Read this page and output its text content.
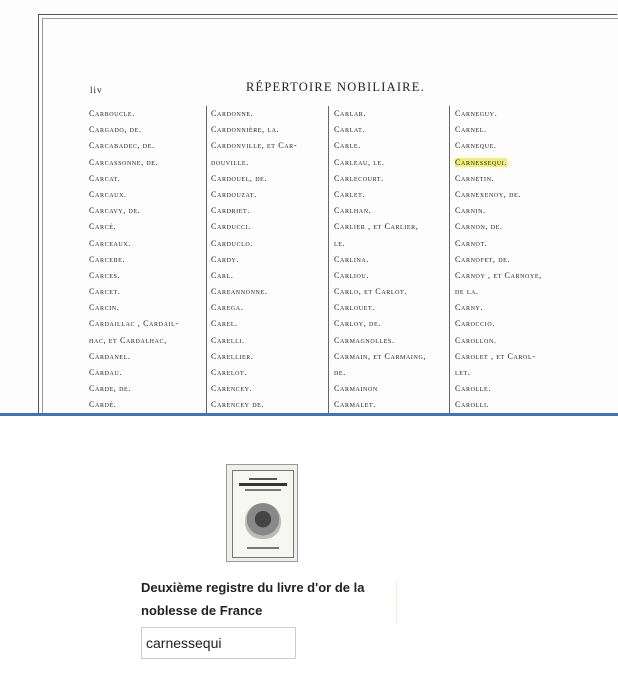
liv	RÉPERTOIRE NOBILIAIRE.
Carboucle.
Cargado, de.
Carcabadec, de.
Carcassonne, de.
Carcat.
Carcaux.
Carcavy, de.
Carcé.
Carceaux.
Carcebe.
Carces.
Carcet.
Carcin.
Cardaillac , Cardail-
hac, et Cardalhac,
Cardanel.
Cardau.
Carde, de.
Cardé.
Cardonne.
Cardonnière, la.
Cardonville, et Car-
douville.
Cardouel, de.
Cardouzat.
Cardriet.
Carducci.
Carduclo.
Cardy.
Carl.
Careannonne.
Carega.
Carel.
Carelli.
Carellier.
Carelot.
Carencey.
Carencey de.
Carlar.
Carlat.
Carle.
Carleau, le.
Carlecourt.
Carlet.
Carlhan.
Carlier , et Carlier,
le.
Carlina.
Carliou.
Carlo, et Carlot.
Carlouet.
Carloy, de.
Carmagnolles.
Carmain, et Carmaing,
de.
Carmainon
Carmalet.
Carneguy.
Carnel.
Carneque.
Carnessequi.
Carnetin.
Carnexenoy, de.
Carnin.
Carnon, de.
Carnot.
Carnofet, de.
Carnoy , et Carnoye,
de la.
Carny.
Caroccio.
Carollon.
Carolet , et Carol-
let.
Carolle.
Carolli.
Deuxième registre du livre d'or de la noblesse de France
carnessequi
